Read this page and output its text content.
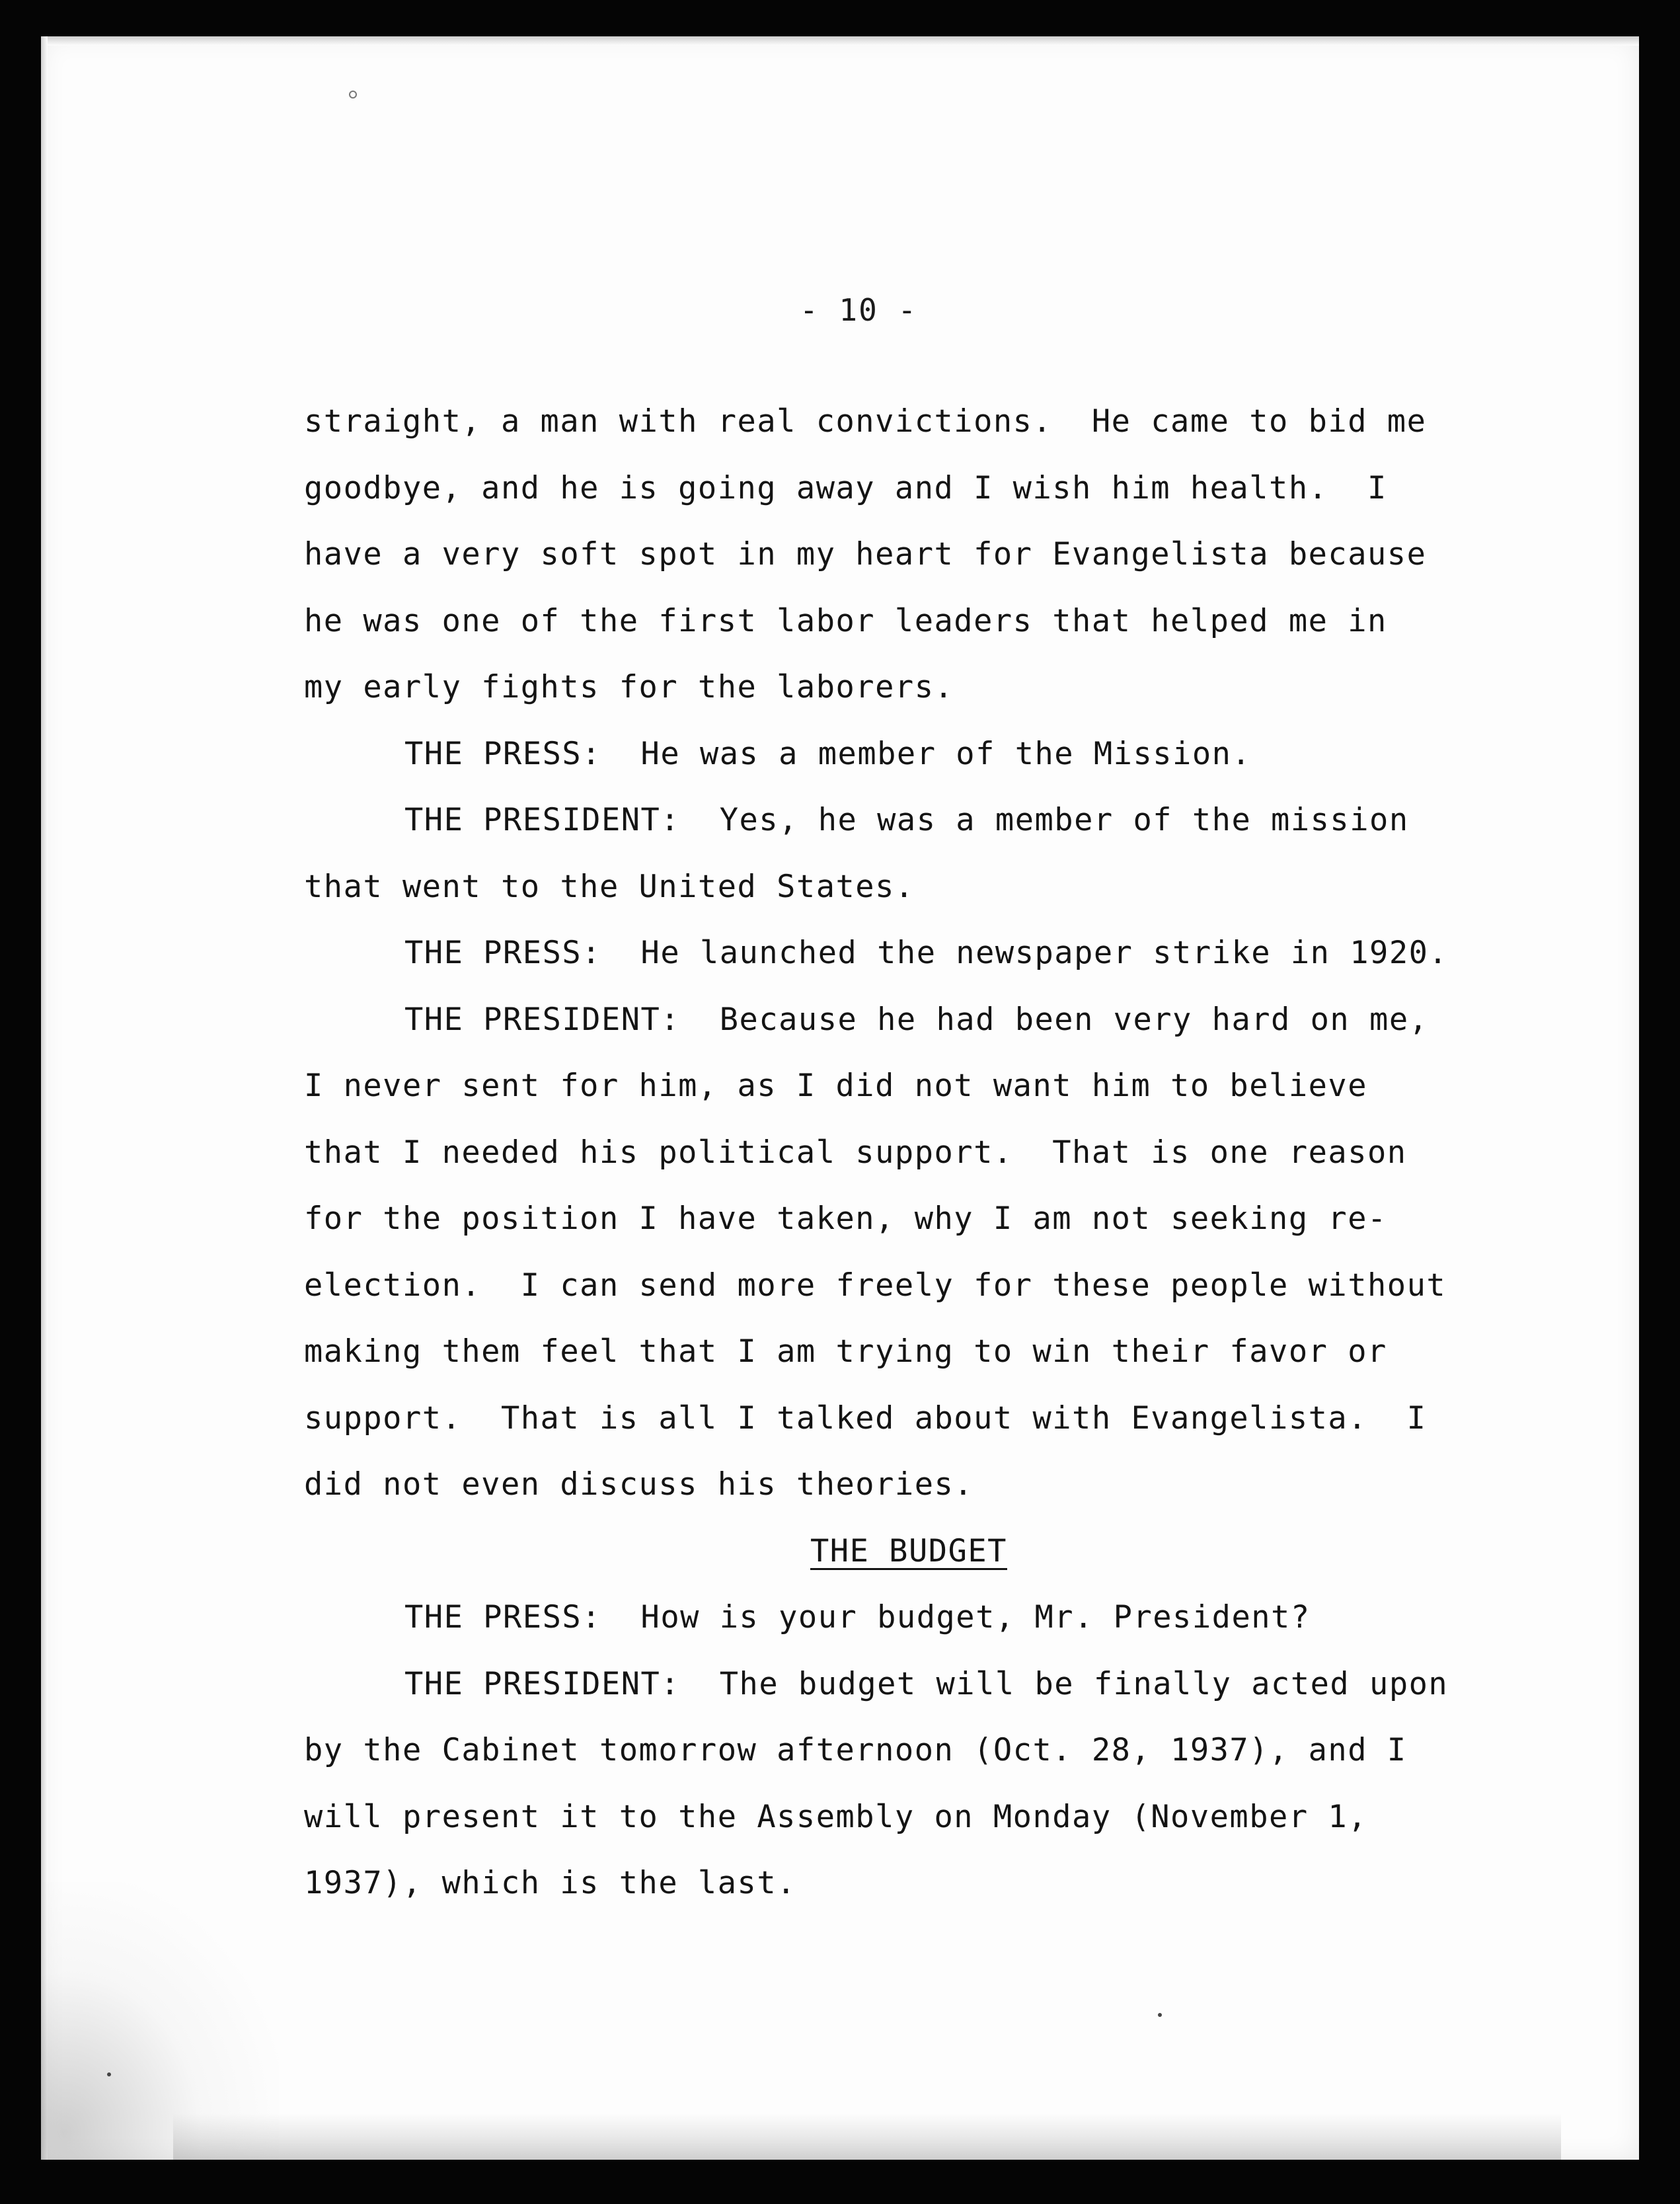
- 10 -
straight, a man with real convictions.  He came to bid me
goodbye, and he is going away and I wish him health.  I
have a very soft spot in my heart for Evangelista because
he was one of the first labor leaders that helped me in
my early fights for the laborers.
THE PRESS:  He was a member of the Mission.
THE PRESIDENT:  Yes, he was a member of the mission
that went to the United States.
THE PRESS:  He launched the newspaper strike in 1920.
THE PRESIDENT:  Because he had been very hard on me,
I never sent for him, as I did not want him to believe
that I needed his political support.  That is one reason
for the position I have taken, why I am not seeking re-
election.  I can send more freely for these people without
making them feel that I am trying to win their favor or
support.  That is all I talked about with Evangelista.  I
did not even discuss his theories.
THE BUDGET
THE PRESS:  How is your budget, Mr. President?
THE PRESIDENT:  The budget will be finally acted upon
by the Cabinet tomorrow afternoon (Oct. 28, 1937), and I
will present it to the Assembly on Monday (November 1,
1937), which is the last.
